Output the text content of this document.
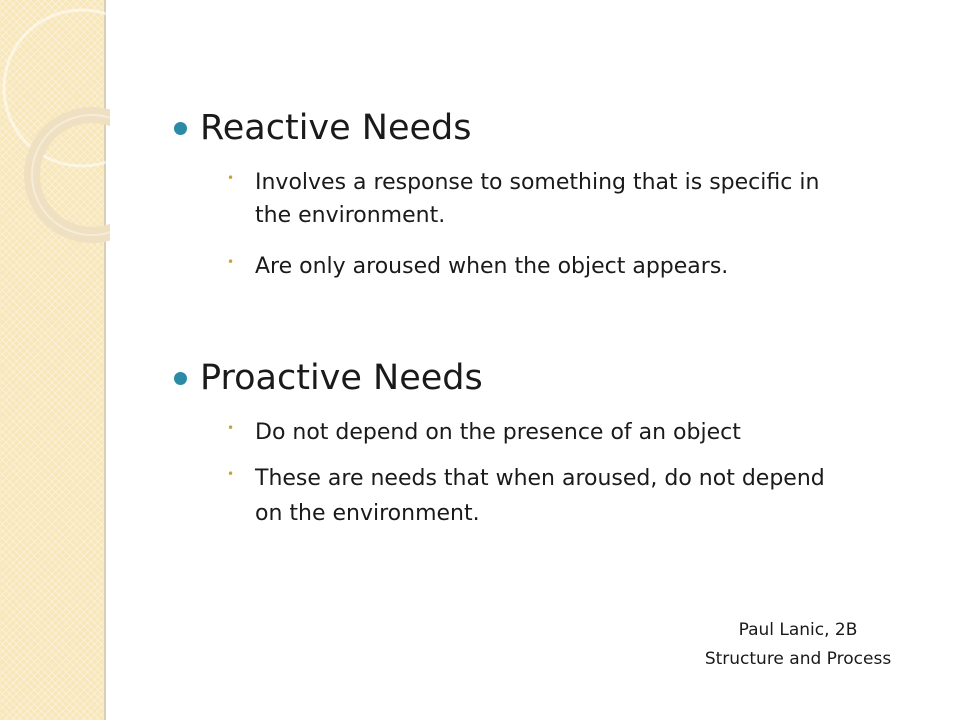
Reactive Needs
• Involves a response to something that is specific in
the environment.
• Are only aroused when the object appears.
Proactive Needs
• Do not depend on the presence of an object
• These are needs that when aroused, do not depend
on the environment.
Paul Lanic, 2B
Structure and Process
